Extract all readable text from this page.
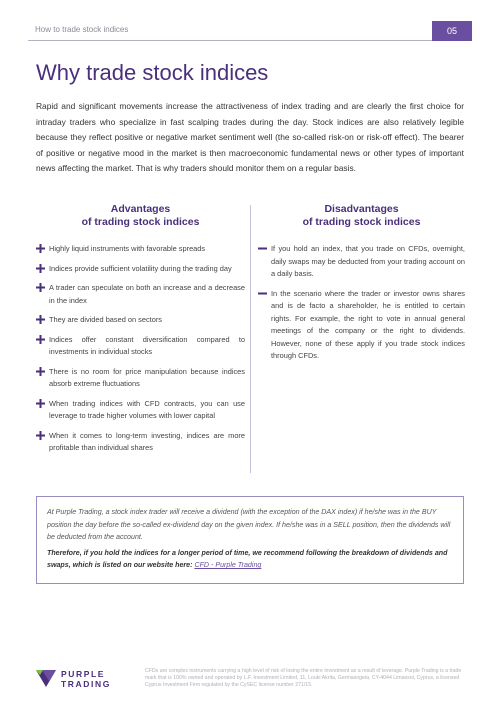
How to trade stock indices	05
Why trade stock indices

Rapid and significant movements increase the attractiveness of index trading and are clearly the first choice for intraday traders who specialize in fast scalping trades during the day. Stock indices are also relatively legible because they reflect positive or negative market sentiment well (the so-called risk-on or risk-off effect). The bearer of positive or negative mood in the market is then macroeconomic fundamental news or other types of important news affecting the market. That is why traders should monitor them on a regular basis.

Advantages
of trading stock indices
Highly liquid instruments with favorable spreads
Indices provide sufficient volatility during the trading day
A trader can speculate on both an increase and a decrease in the index
They are divided based on sectors
Indices offer constant diversification compared to investments in individual stocks
There is no room for price manipulation because indices absorb extreme fluctuations
When trading indices with CFD contracts, you can use leverage to trade higher volumes with lower capital
When it comes to long-term investing, indices are more profitable than individual shares
Disadvantages
of trading stock indices
If you hold an index, that you trade on CFDs, overnight, daily swaps may be deducted from your trading account on a daily basis.
In the scenario where the trader or investor owns shares and is de facto a shareholder, he is entitled to certain rights. For example, the right to vote in annual general meetings of the company or the right to dividends. However, none of these apply if you trade stock indices through CFDs.

At Purple Trading, a stock index trader will receive a dividend (with the exception of the DAX index) if he/she was in the BUY position the day before the so-called ex-dividend day on the given index. If he/she was in a SELL position, then the dividends will be deducted from the account.

Therefore, if you hold the indices for a longer period of time, we recommend following the breakdown of dividends and swaps, which is listed on our website here: CFD - Purple Trading

PURPLE
TRADING

CFDs are complex instruments carrying a high level of risk of losing the entire investment as a result of leverage. Purple Trading is a trade mark that is 100% owned and operated by L.F. Investment Limited, 11, Louki Akrita, Germasogeia, CY-4044 Limassol, Cyprus, a licensed Cyprus Investment Firm regulated by the CySEC license number 271/15.
